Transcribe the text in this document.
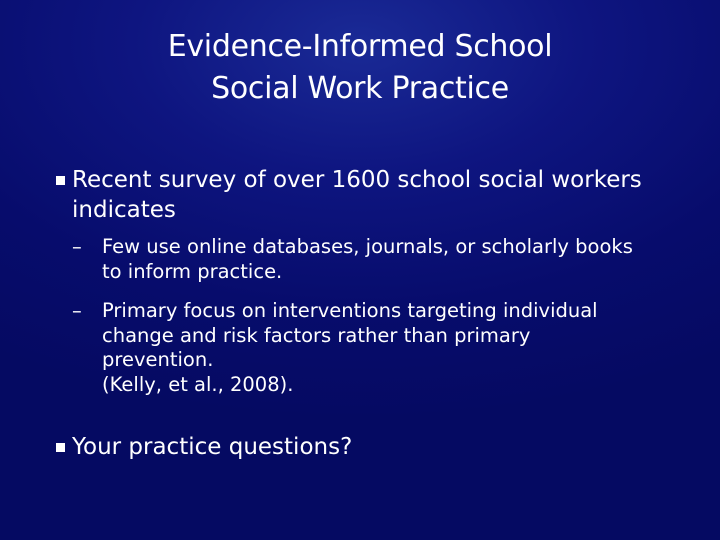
Evidence-Informed School
Social Work Practice
Recent survey of over 1600 school social workers
indicates
– Few use online databases, journals, or scholarly books
to inform practice.
– Primary focus on interventions targeting individual
change and risk factors rather than primary
prevention.
(Kelly, et al., 2008).
Your practice questions?
